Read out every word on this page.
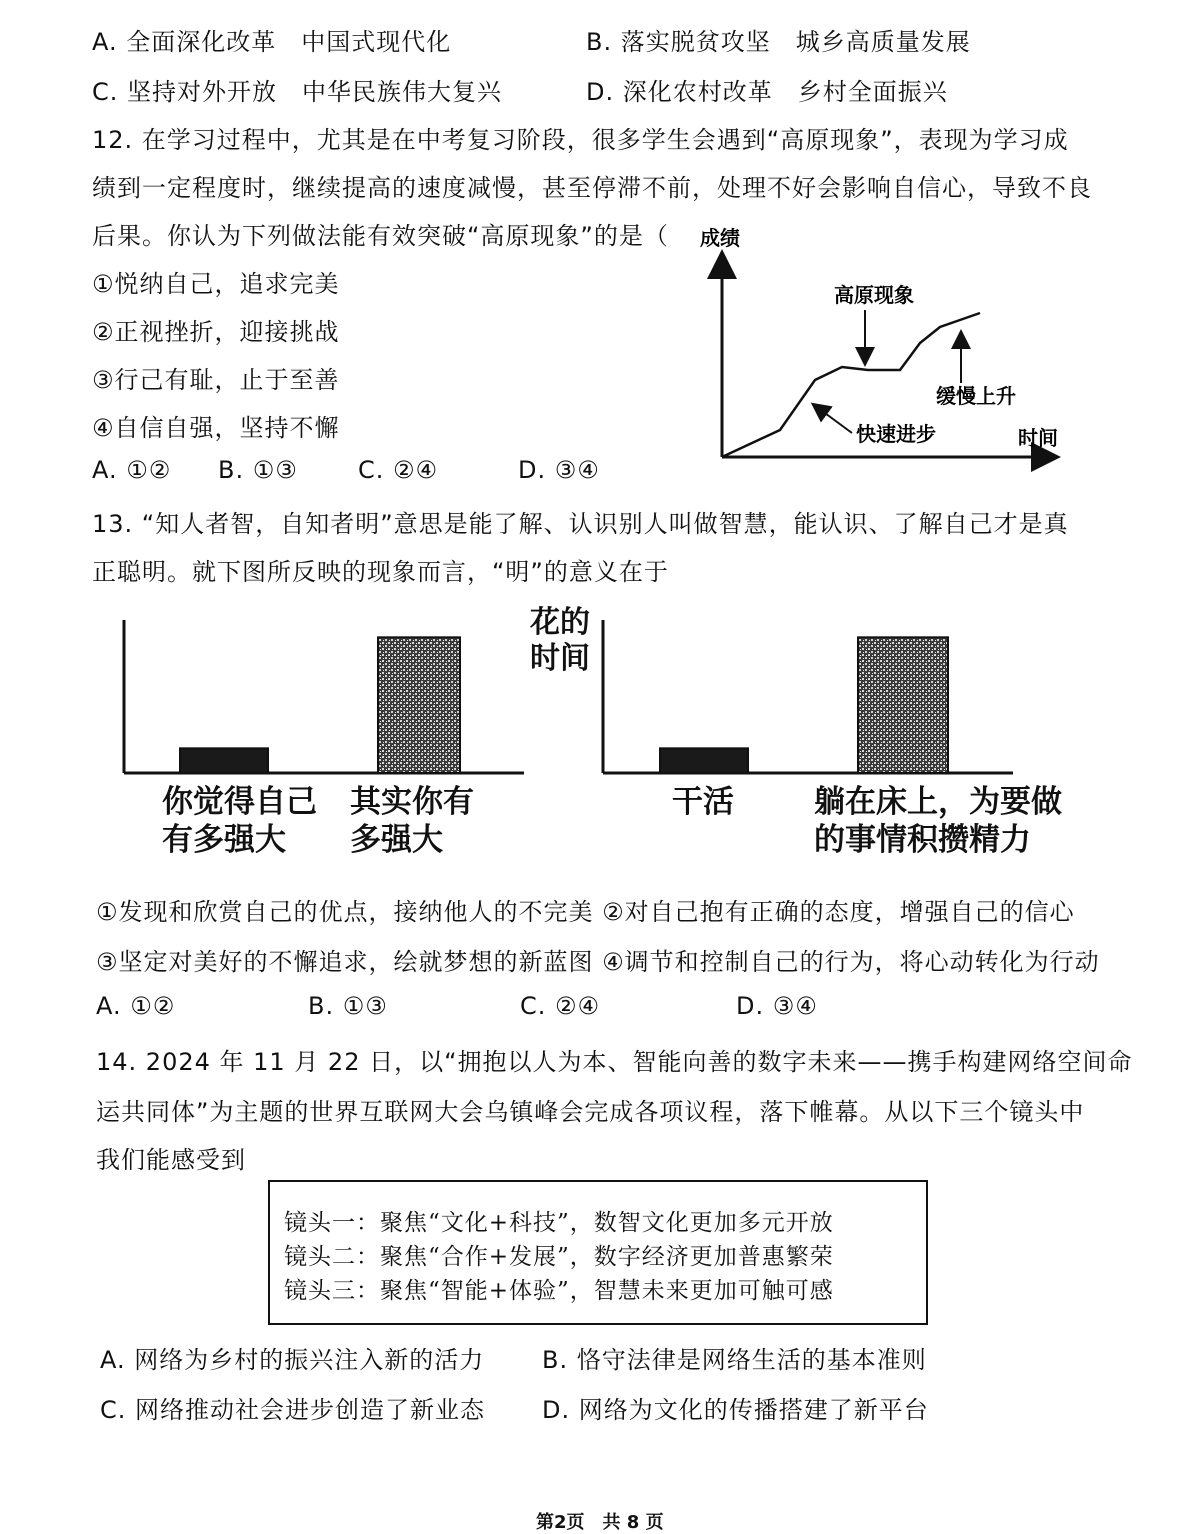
A. 全面深化改革　中国式现代化	B. 落实脱贫攻坚　城乡高质量发展
C. 坚持对外开放　中华民族伟大复兴	D. 深化农村改革　乡村全面振兴
12. 在学习过程中，尤其是在中考复习阶段，很多学生会遇到“高原现象”，表现为学习成
绩到一定程度时，继续提高的速度减慢，甚至停滞不前，处理不好会影响自信心，导致不良
后果。你认为下列做法能有效突破“高原现象”的是（
①悦纳自己，追求完美
②正视挫折，迎接挑战
③行己有耻，止于至善
④自信自强，坚持不懈
A. ①② B. ①③	C. ②④	D. ③④
成绩
时间
高原现象
缓慢上升
快速进步
13. “知人者智，自知者明”意思是能了解、认识别人叫做智慧，能认识、了解自己才是真
正聪明。就下图所反映的现象而言，“明”的意义在于
你觉得自己
有多强大
其实你有
多强大
干活	躺在床上，为要做
的事情积攒精力
花的
时间
①发现和欣赏自己的优点，接纳他人的不完美 ②对自己抱有正确的态度，增强自己的信心
③坚定对美好的不懈追求，绘就梦想的新蓝图 ④调节和控制自己的行为，将心动转化为行动
A. ①②	B. ①③	C. ②④	D. ③④
14. 2024 年 11 月 22 日，以“拥抱以人为本、智能向善的数字未来——携手构建网络空间命
运共同体”为主题的世界互联网大会乌镇峰会完成各项议程，落下帷幕。从以下三个镜头中
我们能感受到
镜头一：聚焦“文化+科技”，数智文化更加多元开放
镜头二：聚焦“合作+发展”，数字经济更加普惠繁荣
镜头三：聚焦“智能+体验”，智慧未来更加可触可感
A. 网络为乡村的振兴注入新的活力 B. 恪守法律是网络生活的基本准则
C. 网络推动社会进步创造了新业态 D. 网络为文化的传播搭建了新平台
第2页　共 8 页
